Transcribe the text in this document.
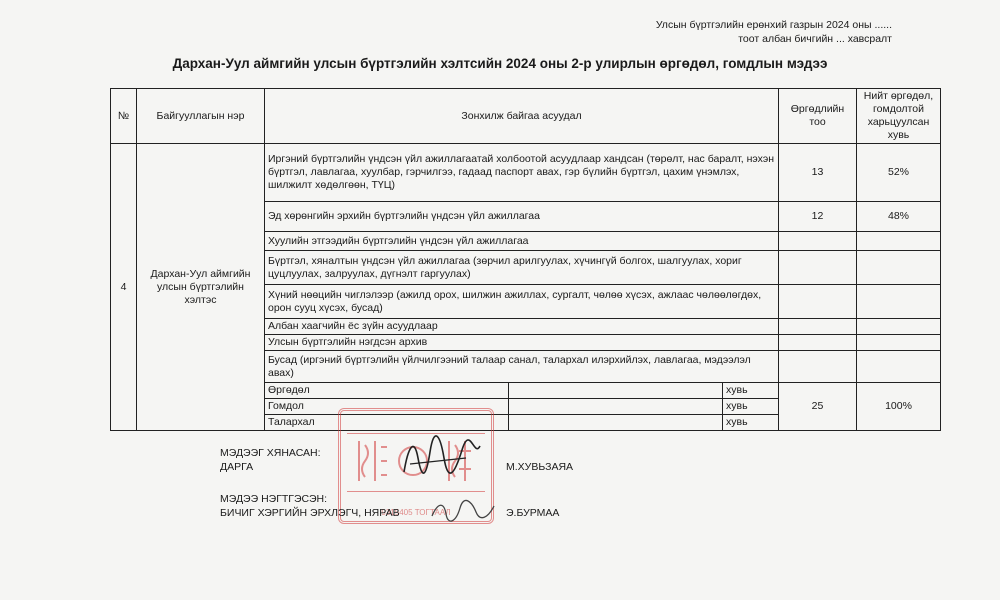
Улсын бүртгэлийн ерөнхий газрын 2024 оны ......
тоот албан бичгийн ... хавсралт
Дархан-Уул аймгийн улсын бүртгэлийн хэлтсийн 2024 оны 2-р улирлын өргөдөл, гомдлын мэдээ
№	Байгууллагын нэр	Зонхилж байгаа асуудал			Өргөдлийн тоо	Нийт өргөдөл, гомдолтой харьцуулсан хувь
4	Дархан-Уул аймгийн улсын бүртгэлийн хэлтэс	Иргэний бүртгэлийн үндсэн үйл ажиллагаатай холбоотой асуудлаар хандсан (төрөлт, нас баралт, нэхэн бүртгэл, лавлагаа, хуулбар, гэрчилгээ, гадаад паспорт авах, гэр бүлийн бүртгэл, цахим үнэмлэх, шилжилт хөдөлгөөн, ТҮЦ)			13	52%
		Эд хөрөнгийн эрхийн бүртгэлийн үндсэн үйл ажиллагаа			12	48%
		Хуулийн этгээдийн бүртгэлийн үндсэн үйл ажиллагаа				
		Бүртгэл, хяналтын үндсэн үйл ажиллагаа (зөрчил арилгуулах, хүчингүй болгох, шалгуулах, хориг цуцлуулах, залруулах, дүгнэлт гаргуулах)				
		Хүний нөөцийн чиглэлээр (ажилд орох, шилжин ажиллах, сургалт, чөлөө хүсэх, ажлаас чөлөөлөгдөх, орон сууц хүсэх, бусад)				
		Албан хаагчийн ёс зүйн асуудлаар				
		Улсын бүртгэлийн нэгдсэн архив				
		Бусад (иргэний бүртгэлийн үйлчилгээний талаар санал, талархал илэрхийлэх, лавлагаа, мэдээлэл авах)				
		Өргөдөл		хувь	25	100%
		Гомдол		хувь		
		Талархал		хувь		
9315405 ТОГТААЛ
МЭДЭЭГ ХЯНАСАН:
ДАРГА	М.ХУВЬЗАЯА
МЭДЭЭ НЭГТГЭСЭН:
БИЧИГ ХЭРГИЙН ЭРХЛЭГЧ, НЯРАВ	Э.БУРМАА
